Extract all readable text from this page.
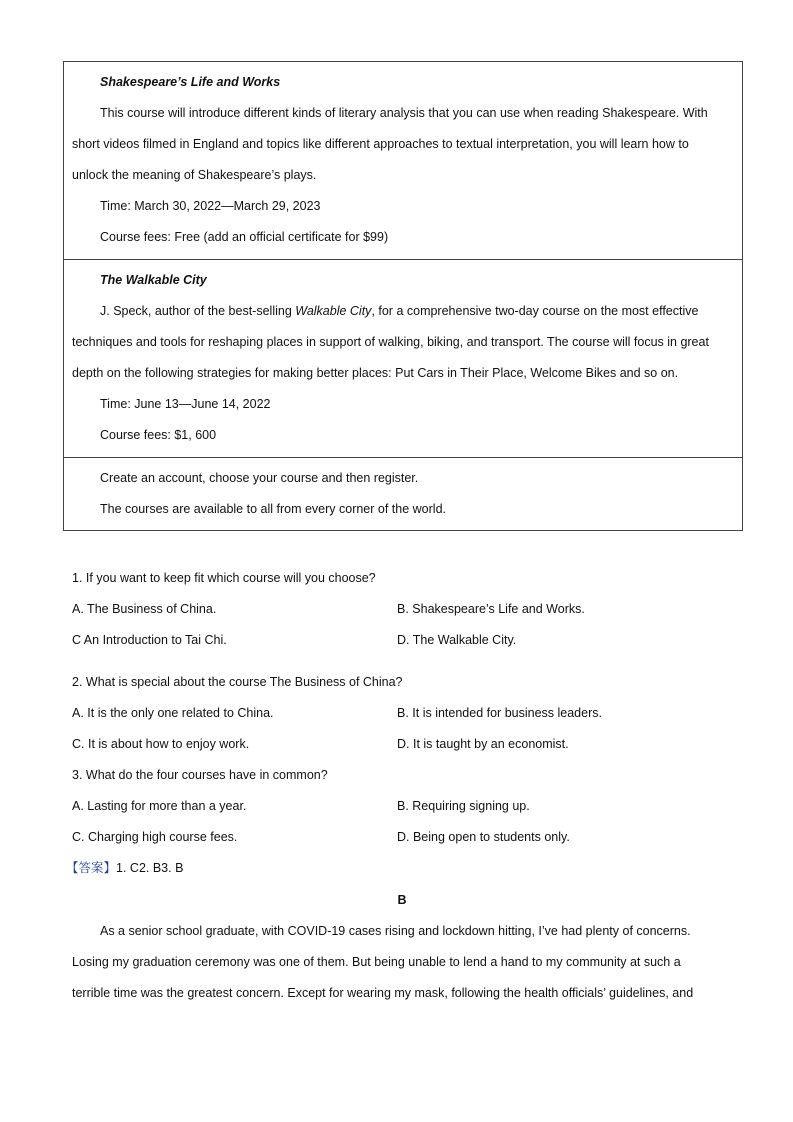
Shakespeare’s Life and Works
This course will introduce different kinds of literary analysis that you can use when reading Shakespeare. With
short videos filmed in England and topics like different approaches to textual interpretation, you will learn how to
unlock the meaning of Shakespeare’s plays.
Time: March 30, 2022—March 29, 2023
Course fees: Free (add an official certificate for $99)
The Walkable City
J. Speck, author of the best-selling Walkable City, for a comprehensive two-day course on the most effective
techniques and tools for reshaping places in support of walking, biking, and transport. The course will focus in great
depth on the following strategies for making better places: Put Cars in Their Place, Welcome Bikes and so on.
Time: June 13—June 14, 2022
Course fees: $1, 600
Create an account, choose your course and then register.
The courses are available to all from every corner of the world.
1. If you want to keep fit which course will you choose?
A. The Business of China.	B. Shakespeare’s Life and Works.
C An Introduction to Tai Chi.	D. The Walkable City.
2. What is special about the course The Business of China?
A. It is the only one related to China.	B. It is intended for business leaders.
C. It is about how to enjoy work.	D. It is taught by an economist.
3. What do the four courses have in common?
A. Lasting for more than a year.	B. Requiring signing up.
C. Charging high course fees.	D. Being open to students only.
【答案】1. C2. B3. B
B
As a senior school graduate, with COVID-19 cases rising and lockdown hitting, I’ve had plenty of concerns.
Losing my graduation ceremony was one of them. But being unable to lend a hand to my community at such a
terrible time was the greatest concern. Except for wearing my mask, following the health officials’ guidelines, and
